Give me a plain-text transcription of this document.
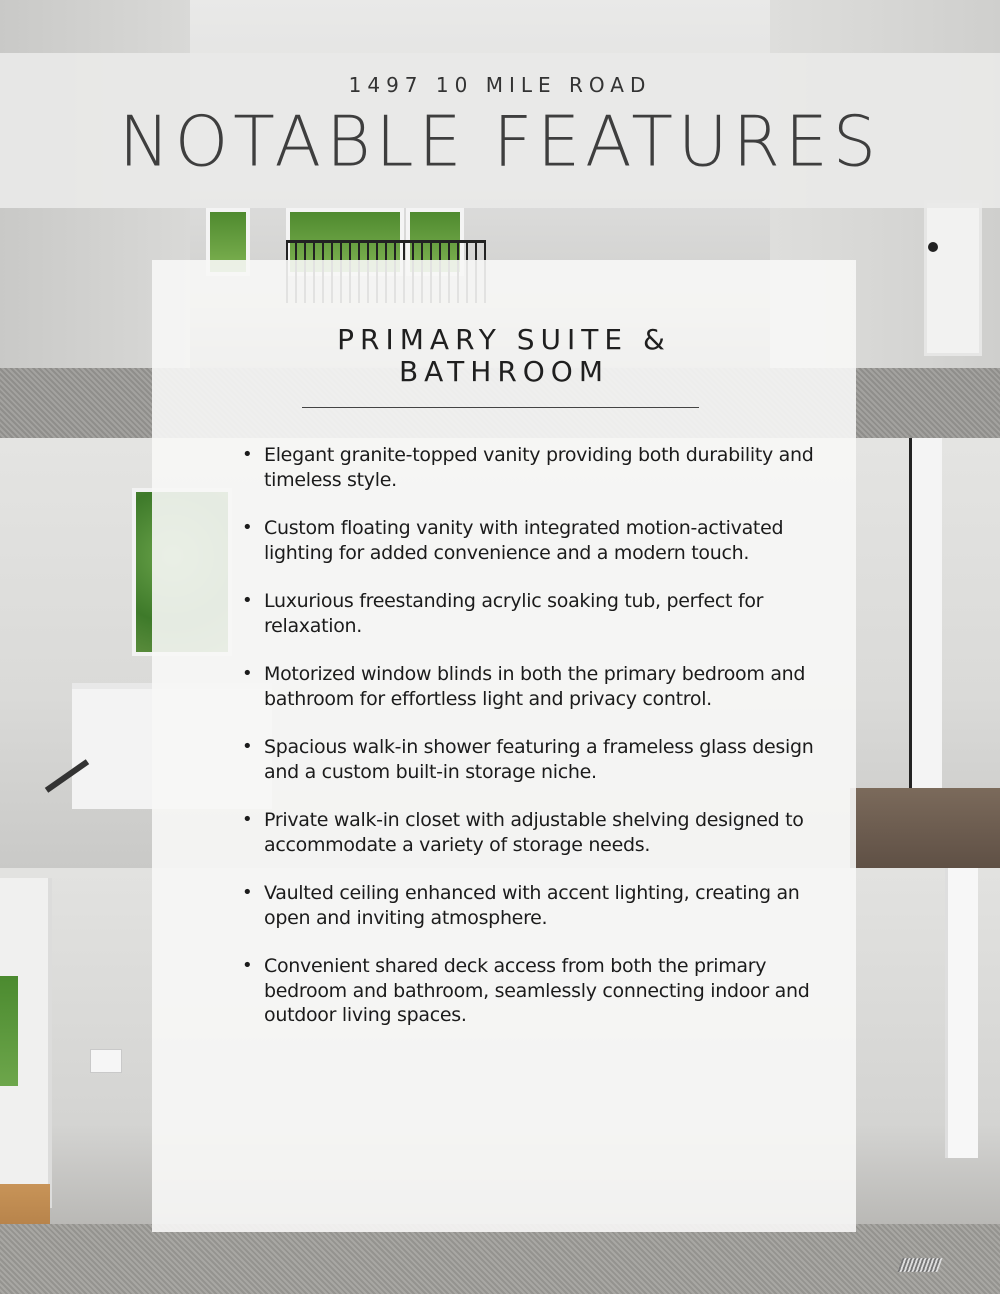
1497 10 MILE ROAD
NOTABLE FEATURES
PRIMARY SUITE &
BATHROOM
• Elegant granite-topped vanity providing both durability and timeless style.
• Custom floating vanity with integrated motion-activated lighting for added convenience and a modern touch.
• Luxurious freestanding acrylic soaking tub, perfect for relaxation.
• Motorized window blinds in both the primary bedroom and bathroom for effortless light and privacy control.
• Spacious walk-in shower featuring a frameless glass design and a custom built-in storage niche.
• Private walk-in closet with adjustable shelving designed to accommodate a variety of storage needs.
• Vaulted ceiling enhanced with accent lighting, creating an open and inviting atmosphere.
• Convenient shared deck access from both the primary bedroom and bathroom, seamlessly connecting indoor and outdoor living spaces.
